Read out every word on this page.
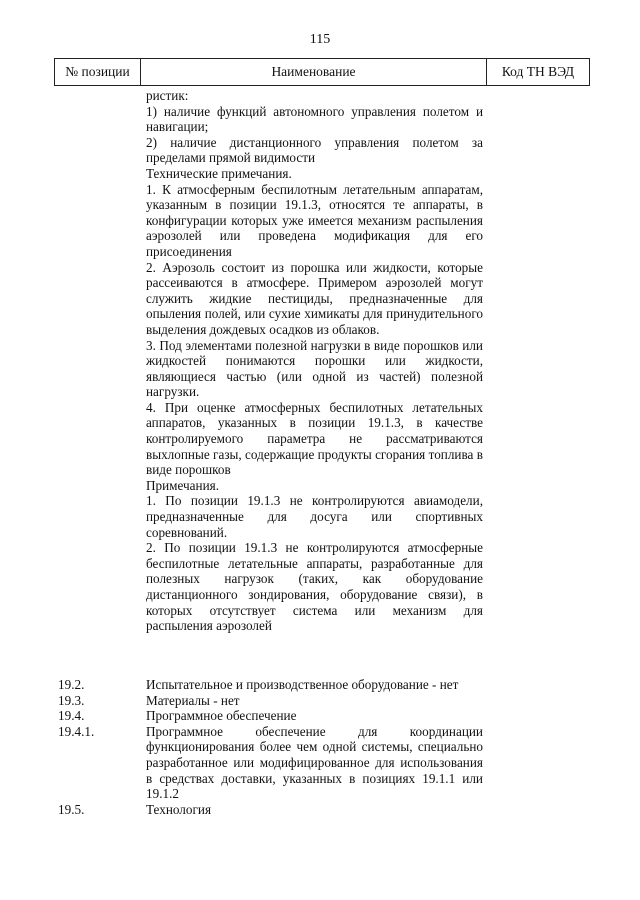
115
№ позиции	Наименование	Код ТН ВЭД

ристик:

1) наличие функций автономного управления полетом и навигации;

2) наличие дистанционного управления полетом за пределами прямой видимости

Технические примечания.

1. К атмосферным беспилотным летательным аппаратам, указанным в позиции 19.1.3, относятся те аппараты, в конфигурации которых уже имеется механизм распыления аэрозолей или проведена модификация для его присоединения

2. Аэрозоль состоит из порошка или жидкости, которые рассеиваются в атмосфере. Примером аэрозолей могут служить жидкие пестициды, предназначенные для опыления полей, или сухие химикаты для принудительного выделения дождевых осадков из облаков.

3. Под элементами полезной нагрузки в виде порошков или жидкостей понимаются порошки или жидкости, являющиеся частью (или одной из частей) полезной нагрузки.

4. При оценке атмосферных беспилотных летательных аппаратов, указанных в позиции 19.1.3, в качестве контролируемого параметра не рассматриваются выхлопные газы, содержащие продукты сгорания топлива в виде порошков

Примечания.

1. По позиции 19.1.3 не контролируются авиамодели, предназначенные для досуга или спортивных соревнований.

2. По позиции 19.1.3 не контролируются атмосферные беспилотные летательные аппараты, разработанные для полезных нагрузок (таких, как оборудование дистанционного зондирования, оборудование связи), в которых отсутствует система или механизм для распыления аэрозолей

19.2.	Испытательное и производственное оборудование - нет
19.3.	Материалы - нет
19.4.	Программное обеспечение
19.4.1.	Программное обеспечение для координации функционирования более чем одной системы, специально разработанное или модифицированное для использования в средствах доставки, указанных в позициях 19.1.1 или 19.1.2
19.5.	Технология
